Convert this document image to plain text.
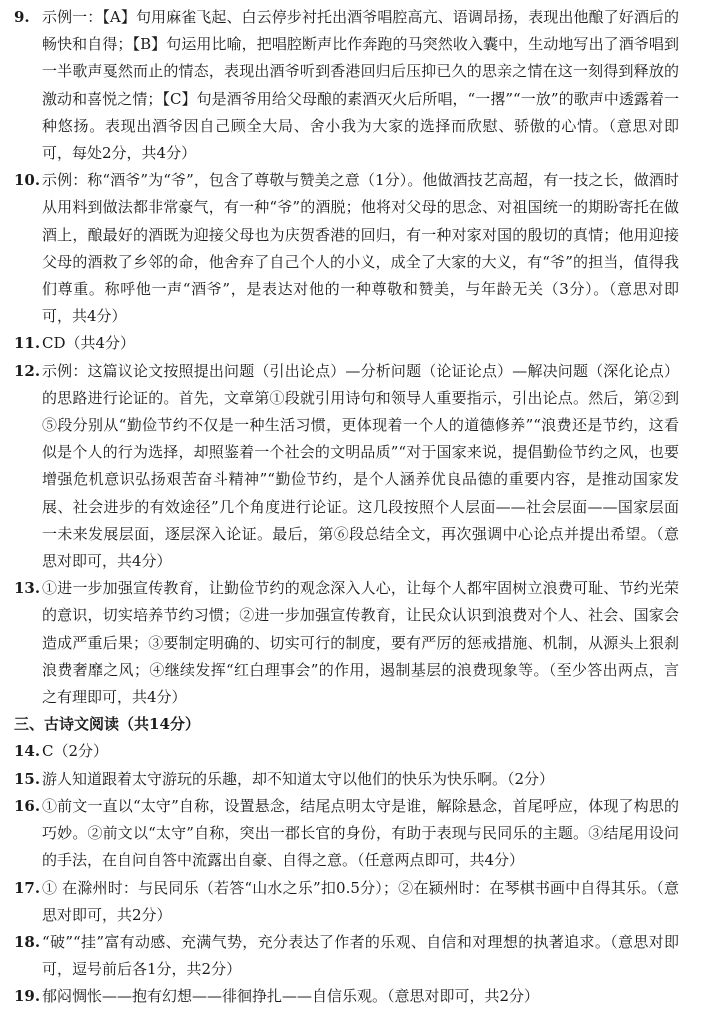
9. 示例一：【A】句用麻雀飞起、白云停步衬托出酒爷唱腔高亢、语调昂扬，表现出他酿了好酒后的畅快和自得；【B】句运用比喻，把唱腔断声比作奔跑的马突然收入囊中，生动地写出了酒爷唱到一半歌声戛然而止的情态，表现出酒爷听到香港回归后压抑已久的思亲之情在这一刻得到释放的激动和喜悦之情；【C】句是酒爷用给父母酿的素酒灭火后所唱，“一撂”“一放”的歌声中透露着一种悠扬。表现出酒爷因自己顾全大局、舍小我为大家的选择而欣慰、骄傲的心情。（意思对即可，每处2分，共4分）
10. 示例：称“酒爷”为“爷”，包含了尊敬与赞美之意（1分）。他做酒技艺高超，有一技之长，做酒时从用料到做法都非常豪气，有一种“爷”的酒脱；他将对父母的思念、对祖国统一的期盼寄托在做酒上，酿最好的酒既为迎接父母也为庆贺香港的回归，有一种对家对国的殷切的真情；他用迎接父母的酒救了乡邻的命，他舍弃了自己个人的小义，成全了大家的大义，有“爷”的担当，值得我们尊重。称呼他一声“酒爷”，是表达对他的一种尊敬和赞美，与年龄无关（3分）。（意思对即可，共4分）
11. CD（共4分）
12. 示例：这篇议论文按照提出问题（引出论点）—分析问题（论证论点）—解决问题（深化论点）的思路进行论证的。首先，文章第①段就引用诗句和领导人重要指示，引出论点。然后，第②到⑤段分别从“勤俭节约不仅是一种生活习惯，更体现着一个人的道德修养”“浪费还是节约，这看似是个人的行为选择，却照鉴着一个社会的文明品质”“对于国家来说，提倡勤俭节约之风，也要增强危机意识弘扬艰苦奋斗精神”“勤俭节约，是个人涵养优良品德的重要内容，是推动国家发展、社会进步的有效途径”几个角度进行论证。这几段按照个人层面——社会层面——国家层面一未来发展层面，逐层深入论证。最后，第⑥段总结全文，再次强调中心论点并提出希望。（意思对即可，共4分）
13. ①进一步加强宣传教育，让勤俭节约的观念深入人心，让每个人都牢固树立浪费可耻、节约光荣的意识，切实培养节约习惯；②进一步加强宣传教育，让民众认识到浪费对个人、社会、国家会造成严重后果；③要制定明确的、切实可行的制度，要有严厉的惩戒措施、机制，从源头上狠刹浪费奢靡之风；④继续发挥“红白理事会”的作用，遏制基层的浪费现象等。（至少答出两点，言之有理即可，共4分）
三、古诗文阅读（共14分）
14. C（2分）
15. 游人知道跟着太守游玩的乐趣，却不知道太守以他们的快乐为快乐啊。（2分）
16. ①前文一直以“太守”自称，设置悬念，结尾点明太守是谁，解除悬念，首尾呼应，体现了构思的巧妙。②前文以“太守”自称，突出一郡长官的身份，有助于表现与民同乐的主题。③结尾用设问的手法，在自问自答中流露出自豪、自得之意。（任意两点即可，共4分）
17. ① 在滁州时：与民同乐（若答“山水之乐”扣0.5分）；②在颍州时：在琴棋书画中自得其乐。（意思对即可，共2分）
18. “破”“挂”富有动感、充满气势，充分表达了作者的乐观、自信和对理想的执著追求。（意思对即可，逗号前后各1分，共2分）
19. 郁闷惆怅——抱有幻想——徘徊挣扎——自信乐观。（意思对即可，共2分）
